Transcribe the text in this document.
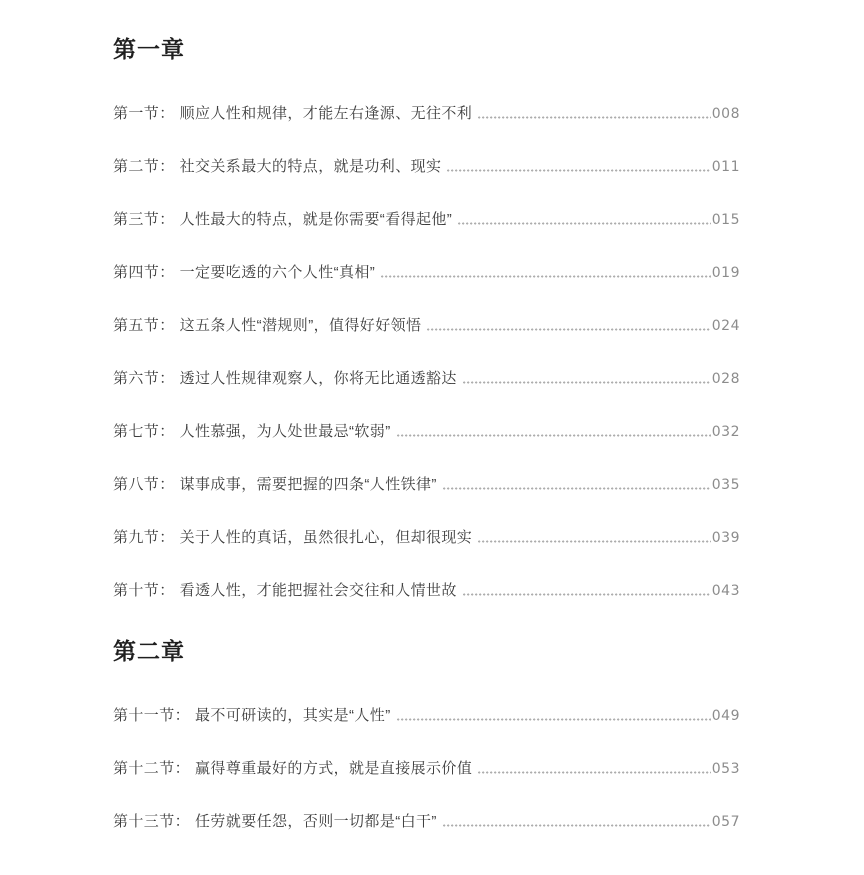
第一章
第一节： 顺应人性和规律，才能左右逢源、无往不利	008
第二节： 社交关系最大的特点，就是功利、现实	011
第三节： 人性最大的特点，就是你需要“看得起他”	015
第四节： 一定要吃透的六个人性“真相”	019
第五节： 这五条人性“潜规则”，值得好好领悟	024
第六节： 透过人性规律观察人，你将无比通透豁达	028
第七节： 人性慕强，为人处世最忌“软弱”	032
第八节： 谋事成事，需要把握的四条“人性铁律”	035
第九节： 关于人性的真话，虽然很扎心，但却很现实	039
第十节： 看透人性，才能把握社会交往和人情世故	043
第二章
第十一节： 最不可研读的，其实是“人性”	049
第十二节： 赢得尊重最好的方式，就是直接展示价值	053
第十三节： 任劳就要任怨，否则一切都是“白干”	057
